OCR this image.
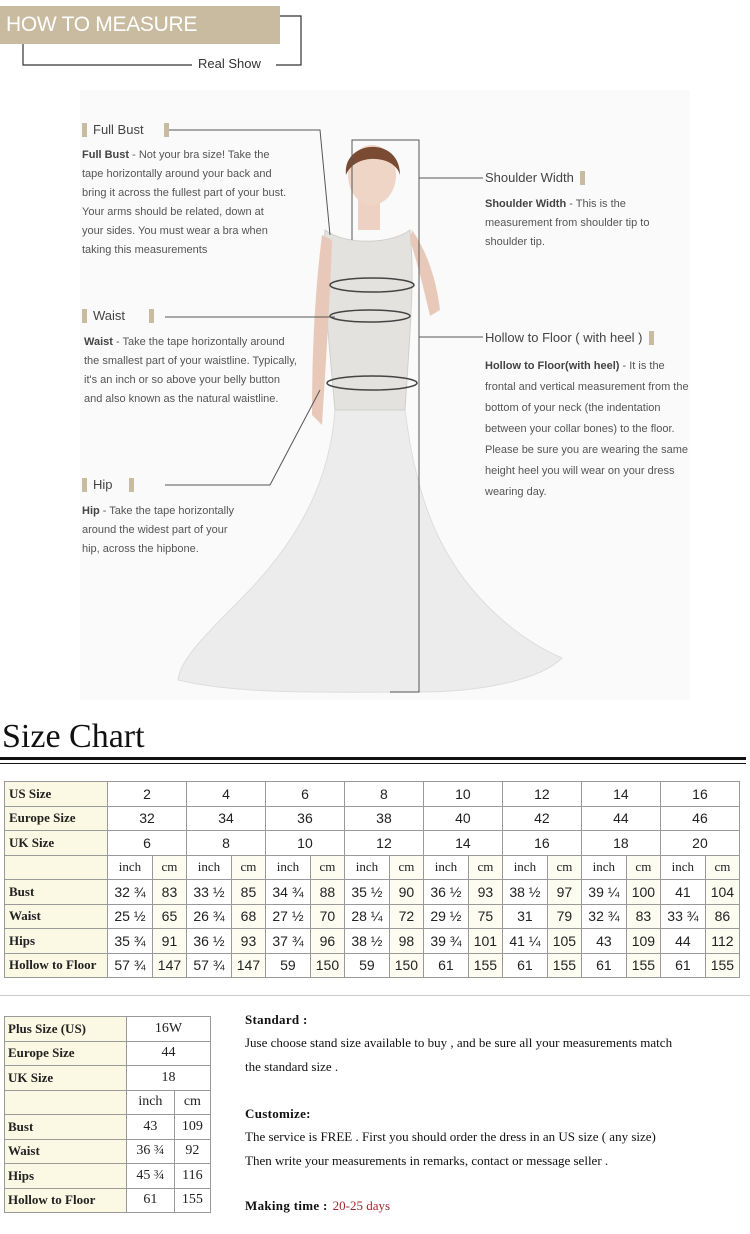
HOW TO MEASURE YOURSELF	Real Show
Full Bust
Full Bust - Not your bra size! Take the tape horizontally around your back and bring it across the fullest part of your bust. Your arms should be related, down at your sides. You must wear a bra when taking this measurements
Waist
Waist - Take the tape horizontally around the smallest part of your waistline. Typically, it's an inch or so above your belly button and also known as the natural waistline.
Hip
Hip - Take the tape horizontally around the widest part of your hip, across the hipbone.
Shoulder Width
Shoulder Width - This is the measurement from shoulder tip to shoulder tip.
Hollow to Floor ( with heel )
Hollow to Floor(with heel) - It is the frontal and vertical measurement from the bottom of your neck (the indentation between your collar bones) to the floor. Please be sure you are wearing the same height heel you will wear on your dress wearing day.
Size Chart
US Size	2		4		6		8		10		12		14		16	
Europe Size	32		34		36		38		40		42		44		46	
UK Size	6		8		10		12		14		16		18		20	
	inch	cm	inch	cm	inch	cm	inch	cm	inch	cm	inch	cm	inch	cm	inch	cm
Bust	32 ¾	83	33 ½	85	34 ¾	88	35 ½	90	36 ½	93	38 ½	97	39 ¼	100	41	104
Waist	25 ½	65	26 ¾	68	27 ½	70	28 ¼	72	29 ½	75	31	79	32 ¾	83	33 ¾	86
Hips	35 ¾	91	36 ½	93	37 ¾	96	38 ½	98	39 ¾	101	41 ¼	105	43	109	44	112
Hollow to Floor	57 ¾	147	57 ¾	147	59	150	59	150	61	155	61	155	61	155	61	155
Plus Size (US)	16W	
Europe Size	44	
UK Size	18	
	inch	cm
Bust	43	109
Waist	36 ¾	92
Hips	45 ¾	116
Hollow to Floor	61	155
Standard :
Juse choose stand size available to buy , and be sure all your measurements match
the standard size .
Customize:
The service is FREE . First you should order the dress in an US size ( any size)
Then write your measurements in remarks, contact or message seller .
Making time : 20-25 days
